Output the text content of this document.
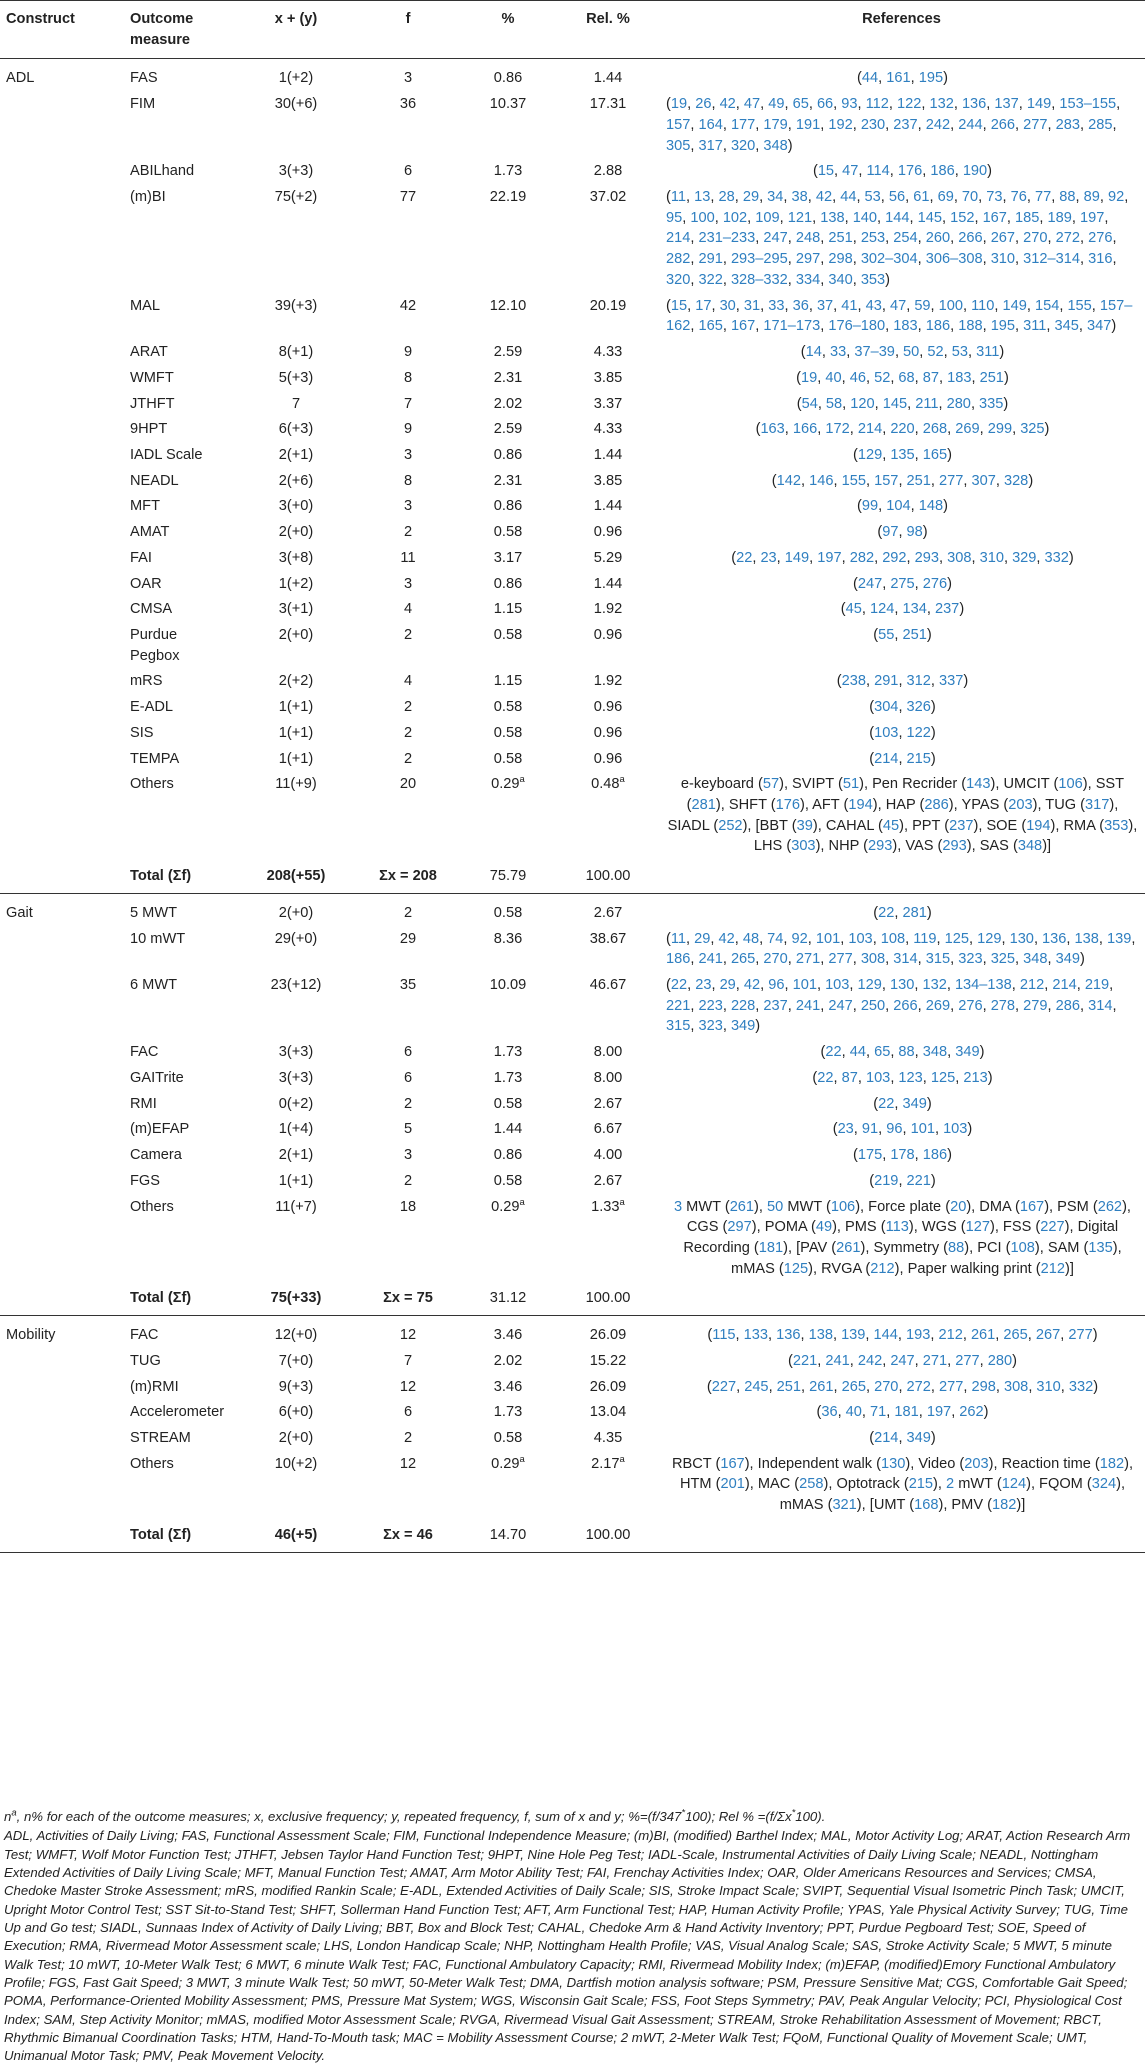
Construct	Outcome measure	x + (y)	f	%	Rel. %	References
ADL	FAS	1(+2)	3	0.86	1.44	(44, 161, 195)
	FIM	30(+6)	36	10.37	17.31	(19, 26, 42, 47, 49, 65, 66, 93, 112, 122, 132, 136, 137, 149, 153–155, 157, 164, 177, 179, 191, 192, 230, 237, 242, 244, 266, 277, 283, 285, 305, 317, 320, 348)
	ABILhand	3(+3)	6	1.73	2.88	(15, 47, 114, 176, 186, 190)
	(m)BI	75(+2)	77	22.19	37.02	(11, 13, 28, 29, 34, 38, 42, 44, 53, 56, 61, 69, 70, 73, 76, 77, 88, 89, 92, 95, 100, 102, 109, 121, 138, 140, 144, 145, 152, 167, 185, 189, 197, 214, 231–233, 247, 248, 251, 253, 254, 260, 266, 267, 270, 272, 276, 282, 291, 293–295, 297, 298, 302–304, 306–308, 310, 312–314, 316, 320, 322, 328–332, 334, 340, 353)
	MAL	39(+3)	42	12.10	20.19	(15, 17, 30, 31, 33, 36, 37, 41, 43, 47, 59, 100, 110, 149, 154, 155, 157–162, 165, 167, 171–173, 176–180, 183, 186, 188, 195, 311, 345, 347)
	ARAT	8(+1)	9	2.59	4.33	(14, 33, 37–39, 50, 52, 53, 311)
	WMFT	5(+3)	8	2.31	3.85	(19, 40, 46, 52, 68, 87, 183, 251)
	JTHFT	7	7	2.02	3.37	(54, 58, 120, 145, 211, 280, 335)
	9HPT	6(+3)	9	2.59	4.33	(163, 166, 172, 214, 220, 268, 269, 299, 325)
	IADL Scale	2(+1)	3	0.86	1.44	(129, 135, 165)
	NEADL	2(+6)	8	2.31	3.85	(142, 146, 155, 157, 251, 277, 307, 328)
	MFT	3(+0)	3	0.86	1.44	(99, 104, 148)
	AMAT	2(+0)	2	0.58	0.96	(97, 98)
	FAI	3(+8)	11	3.17	5.29	(22, 23, 149, 197, 282, 292, 293, 308, 310, 329, 332)
	OAR	1(+2)	3	0.86	1.44	(247, 275, 276)
	CMSA	3(+1)	4	1.15	1.92	(45, 124, 134, 237)
	Purdue Pegbox	2(+0)	2	0.58	0.96	(55, 251)
	mRS	2(+2)	4	1.15	1.92	(238, 291, 312, 337)
	E-ADL	1(+1)	2	0.58	0.96	(304, 326)
	SIS	1(+1)	2	0.58	0.96	(103, 122)
	TEMPA	1(+1)	2	0.58	0.96	(214, 215)
	Others	11(+9)	20	0.29$^a$	0.48$^a$	e-keyboard (57), SVIPT (51), Pen Recrider (143), UMCIT (106), SST (281), SHFT (176), AFT (194), HAP (286), YPAS (203), TUG (317), SIADL (252), [BBT (39), CAHAL (45), PPT (237), SOE (194), RMA (353), LHS (303), NHP (293), VAS (293), SAS (348)]
	Total (Σf)	208(+55)	Σx = 208	75.79	100.00	
Gait	5 MWT	2(+0)	2	0.58	2.67	(22, 281)
	10 mWT	29(+0)	29	8.36	38.67	(11, 29, 42, 48, 74, 92, 101, 103, 108, 119, 125, 129, 130, 136, 138, 139, 186, 241, 265, 270, 271, 277, 308, 314, 315, 323, 325, 348, 349)
	6 MWT	23(+12)	35	10.09	46.67	(22, 23, 29, 42, 96, 101, 103, 129, 130, 132, 134–138, 212, 214, 219, 221, 223, 228, 237, 241, 247, 250, 266, 269, 276, 278, 279, 286, 314, 315, 323, 349)
	FAC	3(+3)	6	1.73	8.00	(22, 44, 65, 88, 348, 349)
	GAITrite	3(+3)	6	1.73	8.00	(22, 87, 103, 123, 125, 213)
	RMI	0(+2)	2	0.58	2.67	(22, 349)
	(m)EFAP	1(+4)	5	1.44	6.67	(23, 91, 96, 101, 103)
	Camera	2(+1)	3	0.86	4.00	(175, 178, 186)
	FGS	1(+1)	2	0.58	2.67	(219, 221)
	Others	11(+7)	18	0.29$^a$	1.33$^a$	3 MWT (261), 50 MWT (106), Force plate (20), DMA (167), PSM (262), CGS (297), POMA (49), PMS (113), WGS (127), FSS (227), Digital Recording (181), [PAV (261), Symmetry (88), PCI (108), SAM (135), mMAS (125), RVGA (212), Paper walking print (212)]
	Total (Σf)	75(+33)	Σx = 75	31.12	100.00	
Mobility	FAC	12(+0)	12	3.46	26.09	(115, 133, 136, 138, 139, 144, 193, 212, 261, 265, 267, 277)
	TUG	7(+0)	7	2.02	15.22	(221, 241, 242, 247, 271, 277, 280)
	(m)RMI	9(+3)	12	3.46	26.09	(227, 245, 251, 261, 265, 270, 272, 277, 298, 308, 310, 332)
	Accelerometer	6(+0)	6	1.73	13.04	(36, 40, 71, 181, 197, 262)
	STREAM	2(+0)	2	0.58	4.35	(214, 349)
	Others	10(+2)	12	0.29$^a$	2.17$^a$	RBCT (167), Independent walk (130), Video (203), Reaction time (182), HTM (201), MAC (258), Optotrack (215), 2 mWT (124), FQOM (324), mMAS (321), [UMT (168), PMV (182)]
	Total (Σf)	46(+5)	Σx = 46	14.70	100.00	

$n^a$, n% for each of the outcome measures; x, exclusive frequency; y, repeated frequency, f, sum of x and y; %=(f/347*100); Rel % =(f/Σx*100).

ADL, Activities of Daily Living; FAS, Functional Assessment Scale; FIM, Functional Independence Measure; (m)BI, (modified) Barthel Index; MAL, Motor Activity Log; ARAT, Action Research Arm Test; WMFT, Wolf Motor Function Test; JTHFT, Jebsen Taylor Hand Function Test; 9HPT, Nine Hole Peg Test; IADL-Scale, Instrumental Activities of Daily Living Scale; NEADL, Nottingham Extended Activities of Daily Living Scale; MFT, Manual Function Test; AMAT, Arm Motor Ability Test; FAI, Frenchay Activities Index; OAR, Older Americans Resources and Services; CMSA, Chedoke Master Stroke Assessment; mRS, modified Rankin Scale; E-ADL, Extended Activities of Daily Scale; SIS, Stroke Impact Scale; SVIPT, Sequential Visual Isometric Pinch Task; UMCIT, Upright Motor Control Test; SST Sit-to-Stand Test; SHFT, Sollerman Hand Function Test; AFT, Arm Functional Test; HAP, Human Activity Profile; YPAS, Yale Physical Activity Survey; TUG, Time Up and Go test; SIADL, Sunnaas Index of Activity of Daily Living; BBT, Box and Block Test; CAHAL, Chedoke Arm & Hand Activity Inventory; PPT, Purdue Pegboard Test; SOE, Speed of Execution; RMA, Rivermead Motor Assessment scale; LHS, London Handicap Scale; NHP, Nottingham Health Profile; VAS, Visual Analog Scale; SAS, Stroke Activity Scale; 5 MWT, 5 minute Walk Test; 10 mWT, 10-Meter Walk Test; 6 MWT, 6 minute Walk Test; FAC, Functional Ambulatory Capacity; RMI, Rivermead Mobility Index; (m)EFAP, (modified)Emory Functional Ambulatory Profile; FGS, Fast Gait Speed; 3 MWT, 3 minute Walk Test; 50 mWT, 50-Meter Walk Test; DMA, Dartfish motion analysis software; PSM, Pressure Sensitive Mat; CGS, Comfortable Gait Speed; POMA, Performance-Oriented Mobility Assessment; PMS, Pressure Mat System; WGS, Wisconsin Gait Scale; FSS, Foot Steps Symmetry; PAV, Peak Angular Velocity; PCI, Physiological Cost Index; SAM, Step Activity Monitor; mMAS, modified Motor Assessment Scale; RVGA, Rivermead Visual Gait Assessment; STREAM, Stroke Rehabilitation Assessment of Movement; RBCT, Rhythmic Bimanual Coordination Tasks; HTM, Hand-To-Mouth task; MAC = Mobility Assessment Course; 2 mWT, 2-Meter Walk Test; FQoM, Functional Quality of Movement Scale; UMT, Unimanual Motor Task; PMV, Peak Movement Velocity.
